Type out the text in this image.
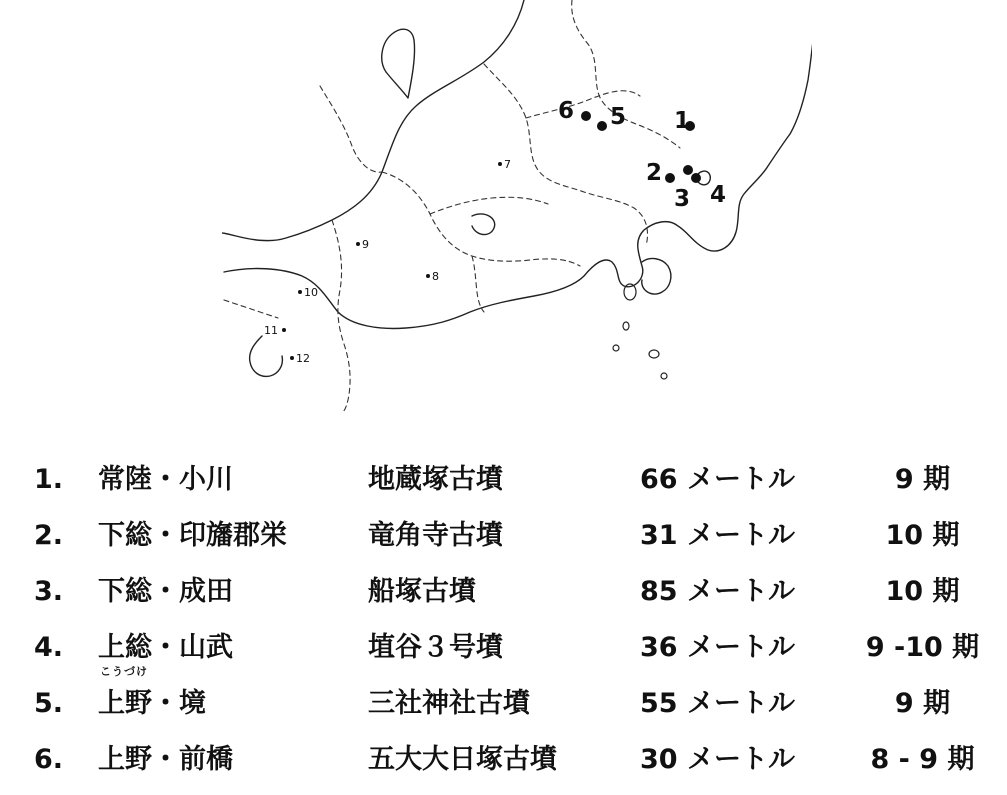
6 5 1
2
3 4
7
8
9
10
11
12
1.	常陸・小川	地蔵塚古墳	66 メートル	9 期
2.	下総・印旛郡栄	竜角寺古墳	31 メートル	10 期
3.	下総・成田	船塚古墳	85 メートル	10 期
4.	上総・山武	埴谷３号墳	36 メートル	9 -10 期
こうづけ
5.	上野・境	三社神社古墳	55 メートル	9 期
6.	上野・前橋	五大大日塚古墳	30 メートル	8 - 9 期
